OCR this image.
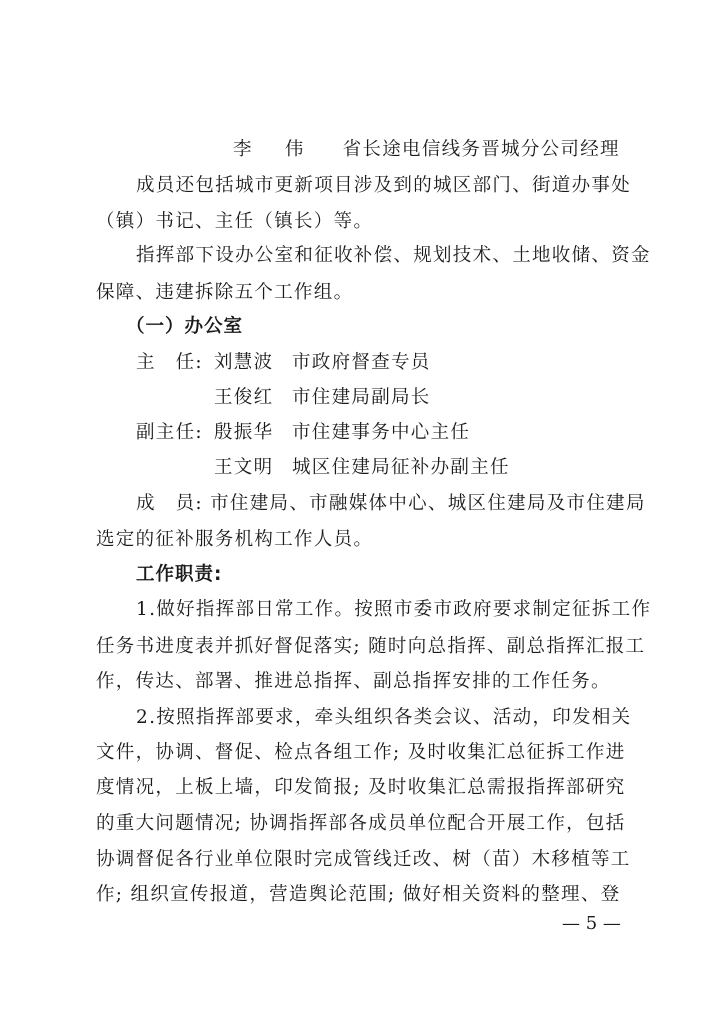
李 伟 省长途电信线务晋城分公司经理
成员还包括城市更新项目涉及到的城区部门、街道办事处
（镇）书记、主任（镇长）等。
指挥部下设办公室和征收补偿、规划技术、土地收储、资金
保障、违建拆除五个工作组。
（一）办公室
主　任: 刘慧波 市政府督查专员
王俊红 市住建局副局长
副主任: 殷振华 市住建事务中心主任
王文明 城区住建局征补办副主任
成　员: 市住建局、市融媒体中心、城区住建局及市住建局
选定的征补服务机构工作人员。
工作职责:
1.做好指挥部日常工作。按照市委市政府要求制定征拆工作
任务书进度表并抓好督促落实; 随时向总指挥、副总指挥汇报工
作，传达、部署、推进总指挥、副总指挥安排的工作任务。
2.按照指挥部要求，牵头组织各类会议、活动，印发相关
文件，协调、督促、检点各组工作; 及时收集汇总征拆工作进
度情况，上板上墙，印发简报; 及时收集汇总需报指挥部研究
的重大问题情况; 协调指挥部各成员单位配合开展工作，包括
协调督促各行业单位限时完成管线迁改、树（苗）木移植等工
作; 组织宣传报道，营造舆论范围; 做好相关资料的整理、登
— 5 —
